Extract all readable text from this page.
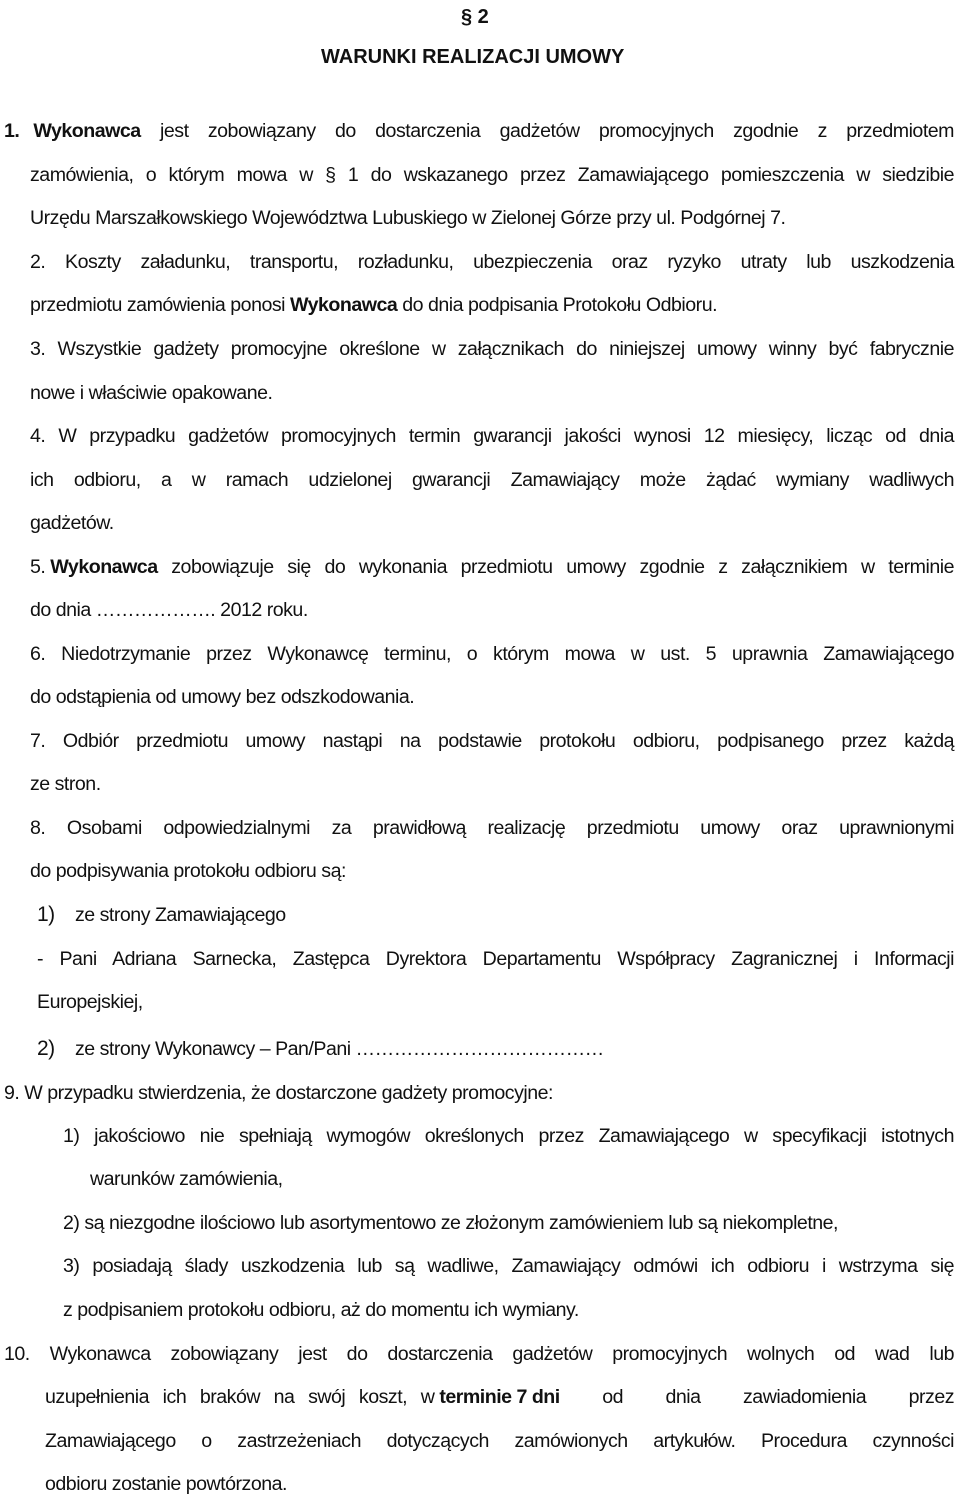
§ 2
WARUNKI REALIZACJI UMOWY
1. Wykonawca jest zobowiązany do dostarczenia gadżetów promocyjnych zgodnie z przedmiotem
zamówienia, o którym mowa w § 1 do wskazanego przez Zamawiającego pomieszczenia w siedzibie
Urzędu Marszałkowskiego Województwa Lubuskiego w Zielonej Górze przy ul. Podgórnej 7.
2. Koszty załadunku, transportu, rozładunku, ubezpieczenia oraz ryzyko utraty lub uszkodzenia
przedmiotu zamówienia ponosi Wykonawca do dnia podpisania Protokołu Odbioru.
3. Wszystkie gadżety promocyjne określone w załącznikach do niniejszej umowy winny być fabrycznie
nowe i właściwie opakowane.
4. W przypadku gadżetów promocyjnych termin gwarancji jakości wynosi 12 miesięcy, licząc od dnia
ich odbioru, a w ramach udzielonej gwarancji Zamawiający może żądać wymiany wadliwych
gadżetów.
5. Wykonawca zobowiązuje się do wykonania przedmiotu umowy zgodnie z załącznikiem w terminie
do dnia ………………. 2012 roku.
6. Niedotrzymanie przez Wykonawcę terminu, o którym mowa w ust. 5 uprawnia Zamawiającego
do odstąpienia od umowy bez odszkodowania.
7. Odbiór przedmiotu umowy nastąpi na podstawie protokołu odbioru, podpisanego przez każdą
ze stron.
8. Osobami odpowiedzialnymi za prawidłową realizację przedmiotu umowy oraz uprawnionymi
do podpisywania protokołu odbioru są:
1) ze strony Zamawiającego
- Pani Adriana Sarnecka, Zastępca Dyrektora Departamentu Współpracy Zagranicznej i Informacji
Europejskiej,
2) ze strony Wykonawcy – Pan/Pani …………………………………
9. W przypadku stwierdzenia, że dostarczone gadżety promocyjne:
1) jakościowo nie spełniają wymogów określonych przez Zamawiającego w specyfikacji istotnych
warunków zamówienia,
2) są niezgodne ilościowo lub asortymentowo ze złożonym zamówieniem lub są niekompletne,
3) posiadają ślady uszkodzenia lub są wadliwe, Zamawiający odmówi ich odbioru i wstrzyma się
z podpisaniem protokołu odbioru, aż do momentu ich wymiany.
10. Wykonawca zobowiązany jest do dostarczenia gadżetów promocyjnych wolnych od wad lub
uzupełnienia ich braków na swój koszt, w terminie 7 dni od dnia zawiadomienia przez
Zamawiającego o zastrzeżeniach dotyczących zamówionych artykułów. Procedura czynności
odbioru zostanie powtórzona.
